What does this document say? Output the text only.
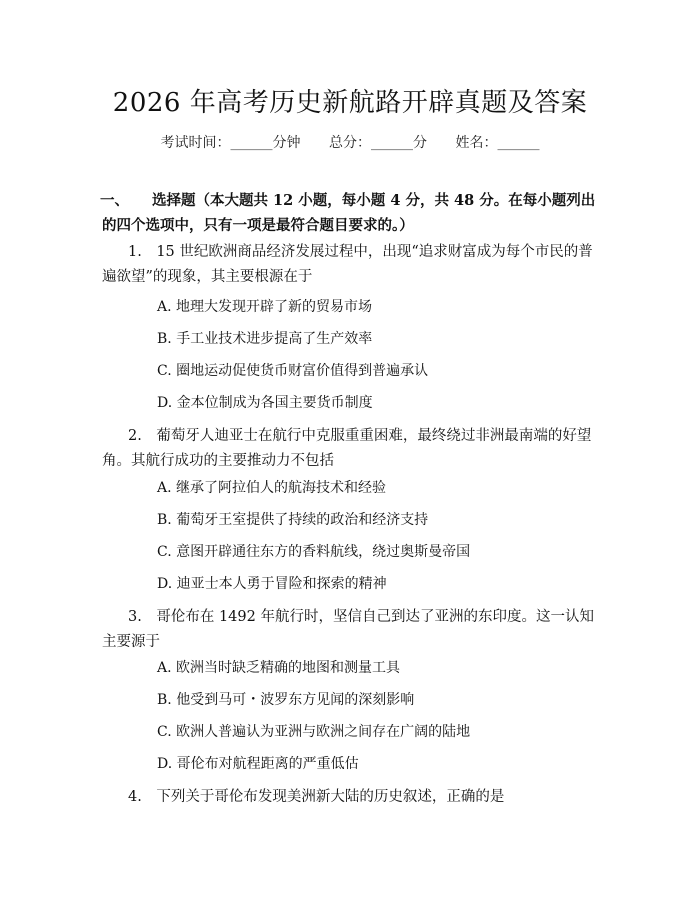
2026 年高考历史新航路开辟真题及答案
考试时间：______分钟 总分：______分 姓名：______
一、	选择题（本大题共 12 小题，每小题 4 分，共 48 分。在每小题列出的四个选项中，只有一项是最符合题目要求的。）
1.　15 世纪欧洲商品经济发展过程中，出现“追求财富成为每个市民的普遍欲望”的现象，其主要根源在于
A. 地理大发现开辟了新的贸易市场
B. 手工业技术进步提高了生产效率
C. 圈地运动促使货币财富价值得到普遍承认
D. 金本位制成为各国主要货币制度
2.　葡萄牙人迪亚士在航行中克服重重困难，最终绕过非洲最南端的好望角。其航行成功的主要推动力不包括
A. 继承了阿拉伯人的航海技术和经验
B. 葡萄牙王室提供了持续的政治和经济支持
C. 意图开辟通往东方的香料航线，绕过奥斯曼帝国
D. 迪亚士本人勇于冒险和探索的精神
3.　哥伦布在 1492 年航行时，坚信自己到达了亚洲的东印度。这一认知主要源于
A. 欧洲当时缺乏精确的地图和测量工具
B. 他受到马可・波罗东方见闻的深刻影响
C. 欧洲人普遍认为亚洲与欧洲之间存在广阔的陆地
D. 哥伦布对航程距离的严重低估
4.　下列关于哥伦布发现美洲新大陆的历史叙述，正确的是
